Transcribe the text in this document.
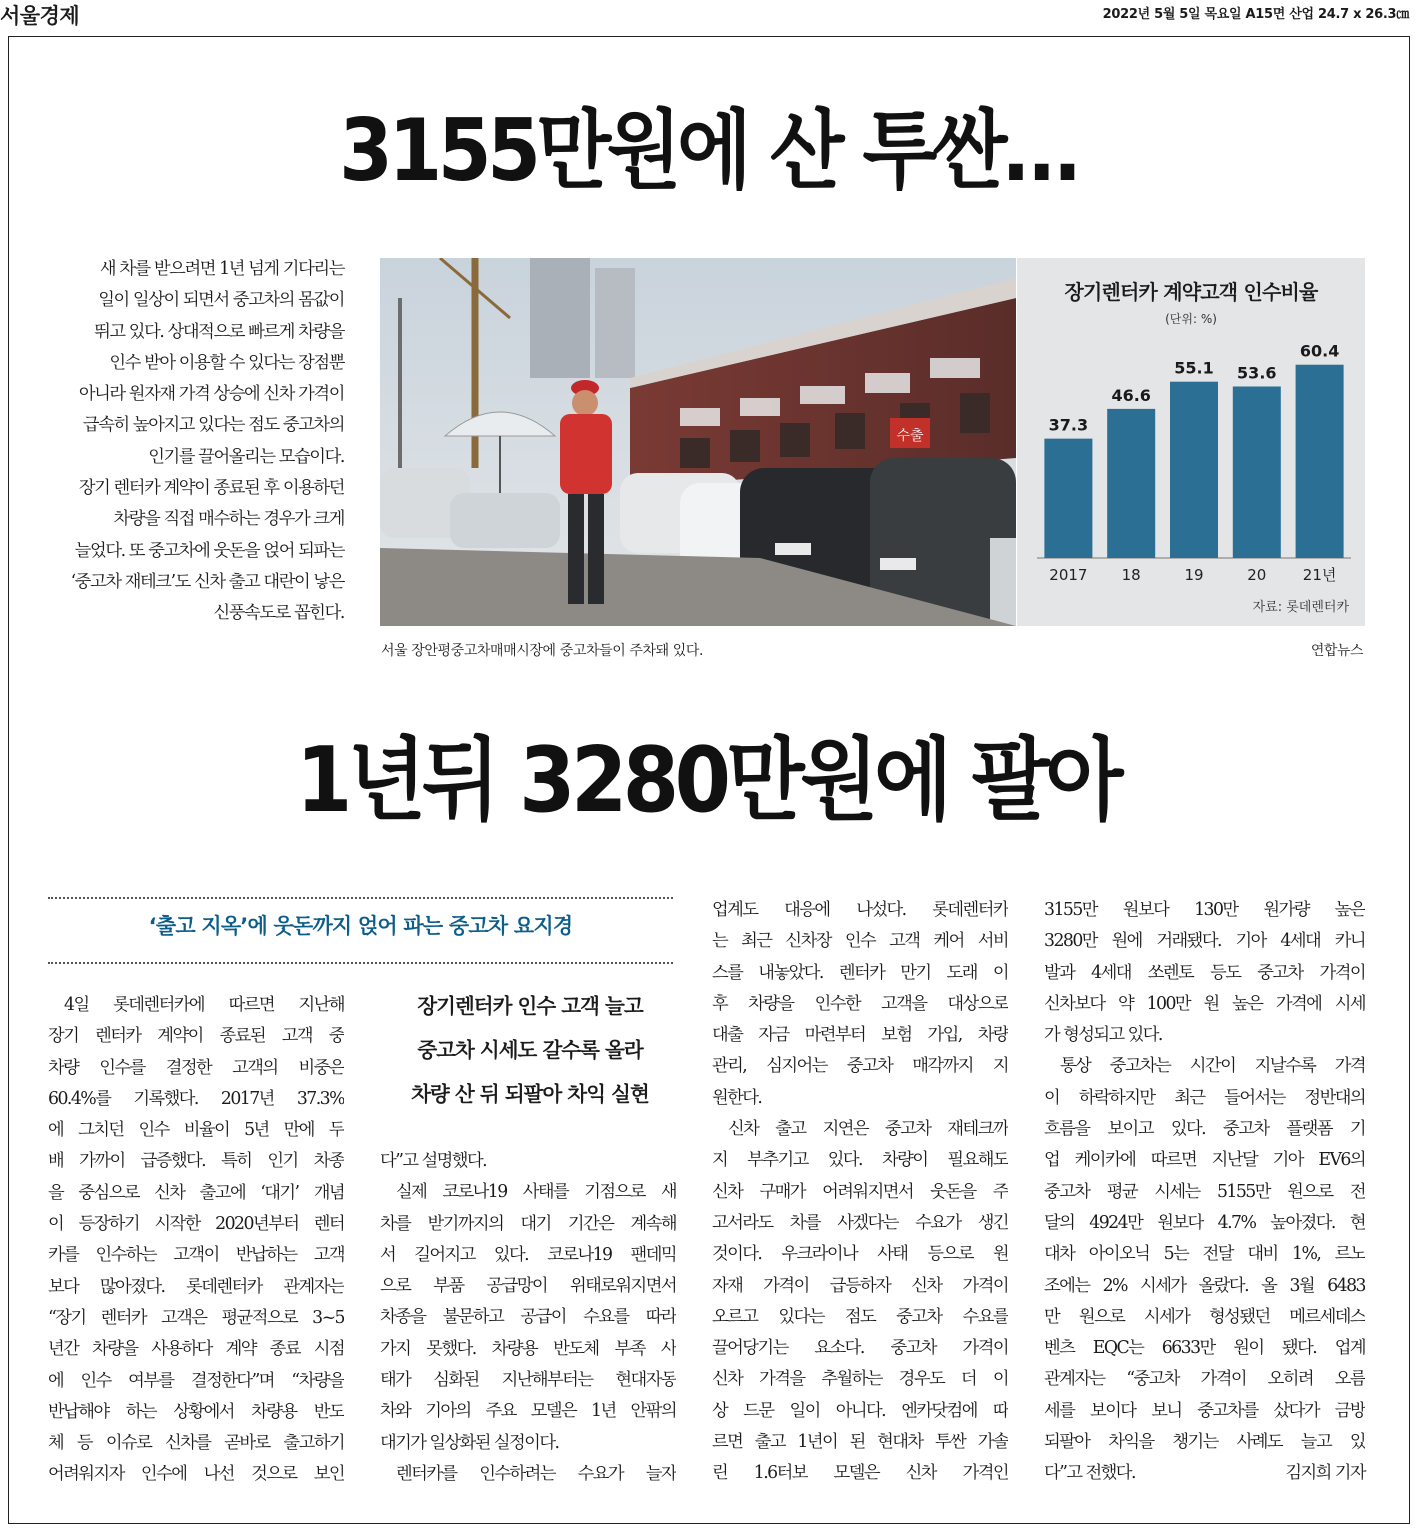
서울경제	2022년 5월 5일 목요일 A15면 산업 24.7 x 26.3㎝
3155만원에 산 투싼…

새 차를 받으려면 1년 넘게 기다리는

일이 일상이 되면서 중고차의 몸값이

뛰고 있다. 상대적으로 빠르게 차량을

인수 받아 이용할 수 있다는 장점뿐

아니라 원자재 가격 상승에 신차 가격이

급속히 높아지고 있다는 점도 중고차의

인기를 끌어올리는 모습이다.

장기 렌터카 계약이 종료된 후 이용하던

차량을 직접 매수하는 경우가 크게

늘었다. 또 중고차에 웃돈을 얹어 되파는

‘중고차 재테크’도 신차 출고 대란이 낳은

신풍속도로 꼽힌다.

수출
장기렌터카 계약고객 인수비율
(단위: %)
37.3
2017
46.6
18
55.1
19
53.6
20
60.4
21년
자료: 롯데렌터카
서울 장안평중고차매매시장에 중고차들이 주차돼 있다.	연합뉴스
1년뒤 3280만원에 팔아
‘출고 지옥’에 웃돈까지 얹어 파는 중고차 요지경

장기렌터카 인수 고객 늘고

중고차 시세도 갈수록 올라

차량 산 뒤 되팔아 차익 실현

4일 롯데렌터카에 따르면 지난해

장기 렌터카 계약이 종료된 고객 중

차량 인수를 결정한 고객의 비중은

60.4%를 기록했다. 2017년 37.3%

에 그치던 인수 비율이 5년 만에 두

배 가까이 급증했다. 특히 인기 차종

을 중심으로 신차 출고에 ‘대기’ 개념

이 등장하기 시작한 2020년부터 렌터

카를 인수하는 고객이 반납하는 고객

보다 많아졌다. 롯데렌터카 관계자는

“장기 렌터카 고객은 평균적으로 3~5

년간 차량을 사용하다 계약 종료 시점

에 인수 여부를 결정한다”며 “차량을

반납해야 하는 상황에서 차량용 반도

체 등 이슈로 신차를 곧바로 출고하기

어려워지자 인수에 나선 것으로 보인

다”고 설명했다.

실제 코로나19 사태를 기점으로 새

차를 받기까지의 대기 기간은 계속해

서 길어지고 있다. 코로나19 팬데믹

으로 부품 공급망이 위태로워지면서

차종을 불문하고 공급이 수요를 따라

가지 못했다. 차량용 반도체 부족 사

태가 심화된 지난해부터는 현대자동

차와 기아의 주요 모델은 1년 안팎의

대기가 일상화된 실정이다.

렌터카를 인수하려는 수요가 늘자

업계도 대응에 나섰다. 롯데렌터카

는 최근 신차장 인수 고객 케어 서비

스를 내놓았다. 렌터카 만기 도래 이

후 차량을 인수한 고객을 대상으로

대출 자금 마련부터 보험 가입, 차량

관리, 심지어는 중고차 매각까지 지

원한다.

신차 출고 지연은 중고차 재테크까

지 부추기고 있다. 차량이 필요해도

신차 구매가 어려워지면서 웃돈을 주

고서라도 차를 사겠다는 수요가 생긴

것이다. 우크라이나 사태 등으로 원

자재 가격이 급등하자 신차 가격이

오르고 있다는 점도 중고차 수요를

끌어당기는 요소다. 중고차 가격이

신차 가격을 추월하는 경우도 더 이

상 드문 일이 아니다. 엔카닷컴에 따

르면 출고 1년이 된 현대차 투싼 가솔

린 1.6터보 모델은 신차 가격인

3155만 원보다 130만 원가량 높은

3280만 원에 거래됐다. 기아 4세대 카니

발과 4세대 쏘렌토 등도 중고차 가격이

신차보다 약 100만 원 높은 가격에 시세

가 형성되고 있다.

통상 중고차는 시간이 지날수록 가격

이 하락하지만 최근 들어서는 정반대의

흐름을 보이고 있다. 중고차 플랫폼 기

업 케이카에 따르면 지난달 기아 EV6의

중고차 평균 시세는 5155만 원으로 전

달의 4924만 원보다 4.7% 높아졌다. 현

대차 아이오닉 5는 전달 대비 1%, 르노

조에는 2% 시세가 올랐다. 올 3월 6483

만 원으로 시세가 형성됐던 메르세데스

벤츠 EQC는 6633만 원이 됐다. 업계

관계자는 “중고차 가격이 오히려 오름

세를 보이다 보니 중고차를 샀다가 금방

되팔아 차익을 챙기는 사례도 늘고 있

다”고 전했다.	김지희 기자
